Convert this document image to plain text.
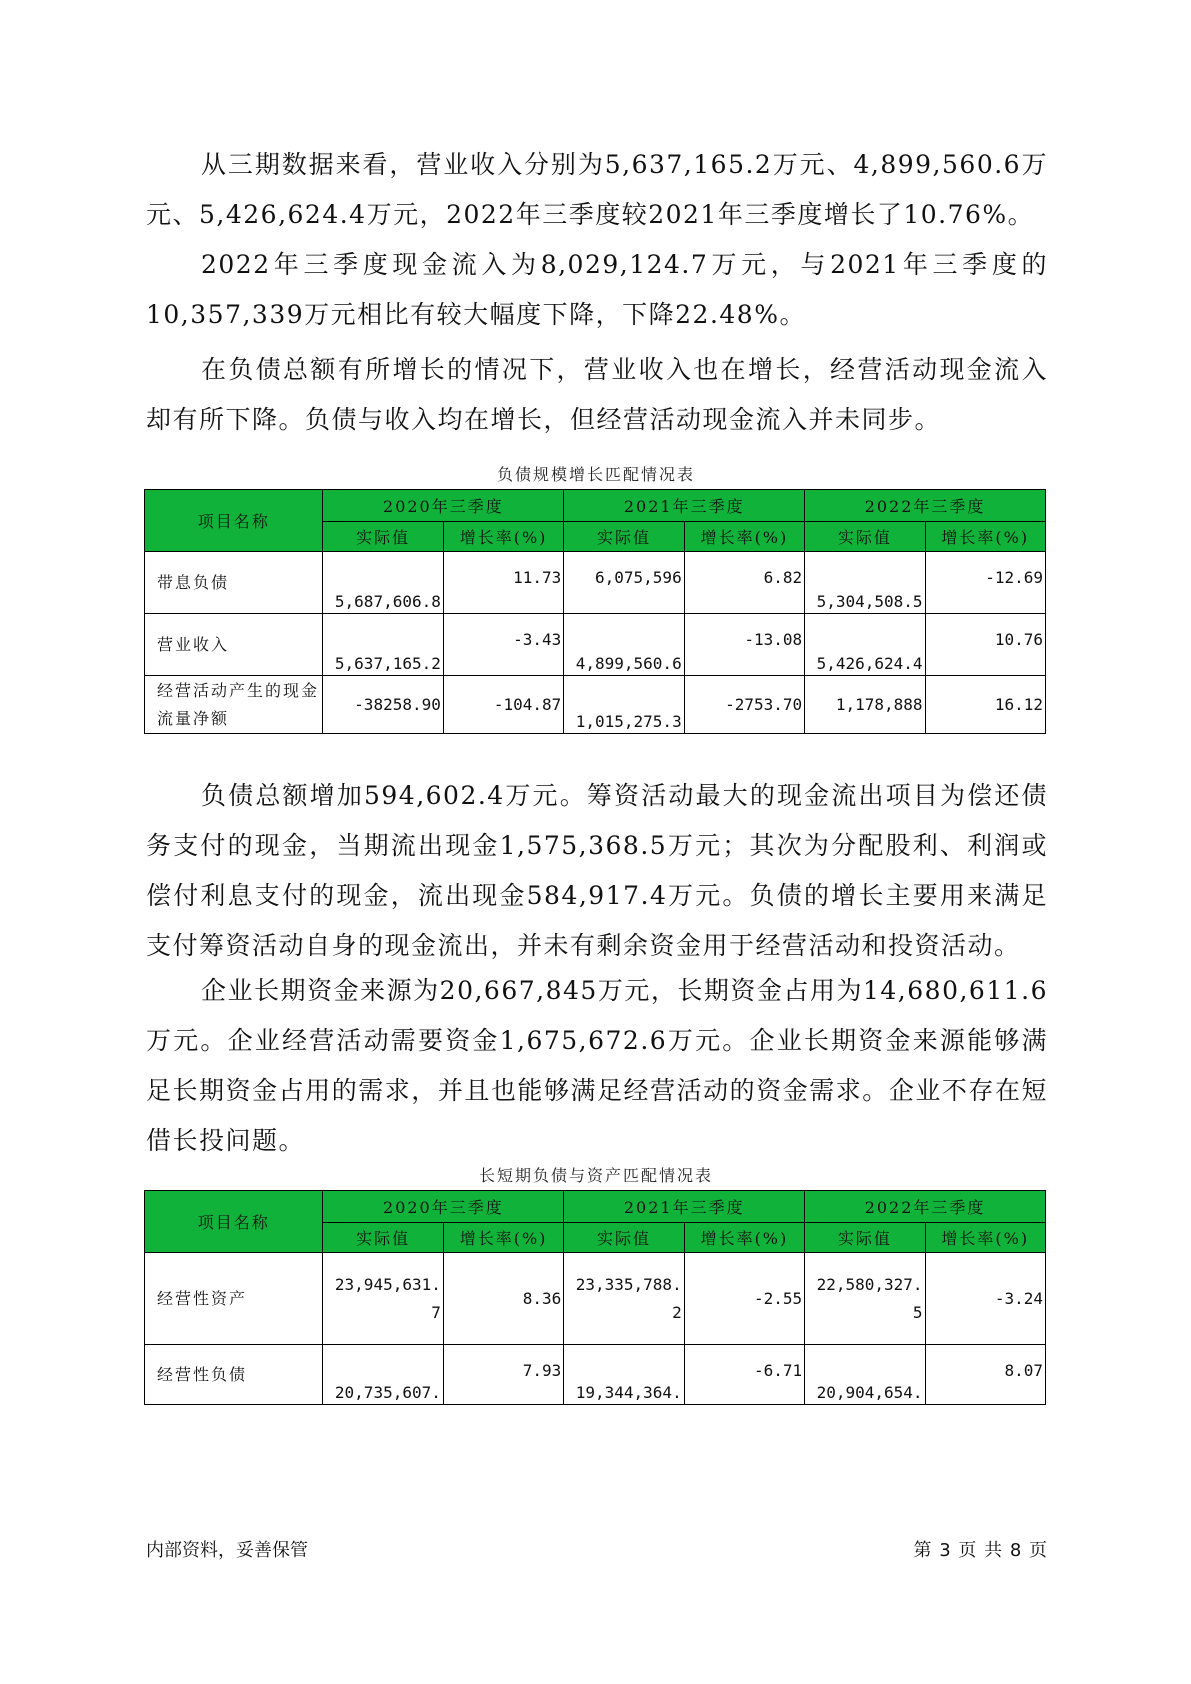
从三期数据来看，营业收入分别为5,637,165.2万元、4,899,560.6万元、5,426,624.4万元，2022年三季度较2021年三季度增长了10.76%。

2022年三季度现金流入为8,029,124.7万元，与2021年三季度的10,357,339万元相比有较大幅度下降，下降22.48%。

在负债总额有所增长的情况下，营业收入也在增长，经营活动现金流入却有所下降。负债与收入均在增长，但经营活动现金流入并未同步。

负债规模增长匹配情况表
项目名称	2020年三季度		2021年三季度		2022年三季度	
	实际值	增长率(%)	实际值	增长率(%)	实际值	增长率(%)
带息负债	5,687,606.8	11.73	6,075,596	6.82	5,304,508.5	-12.69
营业收入	5,637,165.2	-3.43	4,899,560.6	-13.08	5,426,624.4	10.76
经营活动产生的现金流量净额	-38258.90	-104.87	1,015,275.3	-2753.70	1,178,888	16.12

负债总额增加594,602.4万元。筹资活动最大的现金流出项目为偿还债务支付的现金，当期流出现金1,575,368.5万元；其次为分配股利、利润或偿付利息支付的现金，流出现金584,917.4万元。负债的增长主要用来满足支付筹资活动自身的现金流出，并未有剩余资金用于经营活动和投资活动。

企业长期资金来源为20,667,845万元，长期资金占用为14,680,611.6万元。企业经营活动需要资金1,675,672.6万元。企业长期资金来源能够满足长期资金占用的需求，并且也能够满足经营活动的资金需求。企业不存在短借长投问题。

长短期负债与资产匹配情况表
项目名称	2020年三季度		2021年三季度		2022年三季度	
	实际值	增长率(%)	实际值	增长率(%)	实际值	增长率(%)
经营性资产	23,945,631.7	8.36	23,335,788.2	-2.55	22,580,327.5	-3.24
经营性负债	20,735,607.	7.93	19,344,364.	-6.71	20,904,654.	8.07
内部资料，妥善保管	第 3 页 共 8 页
